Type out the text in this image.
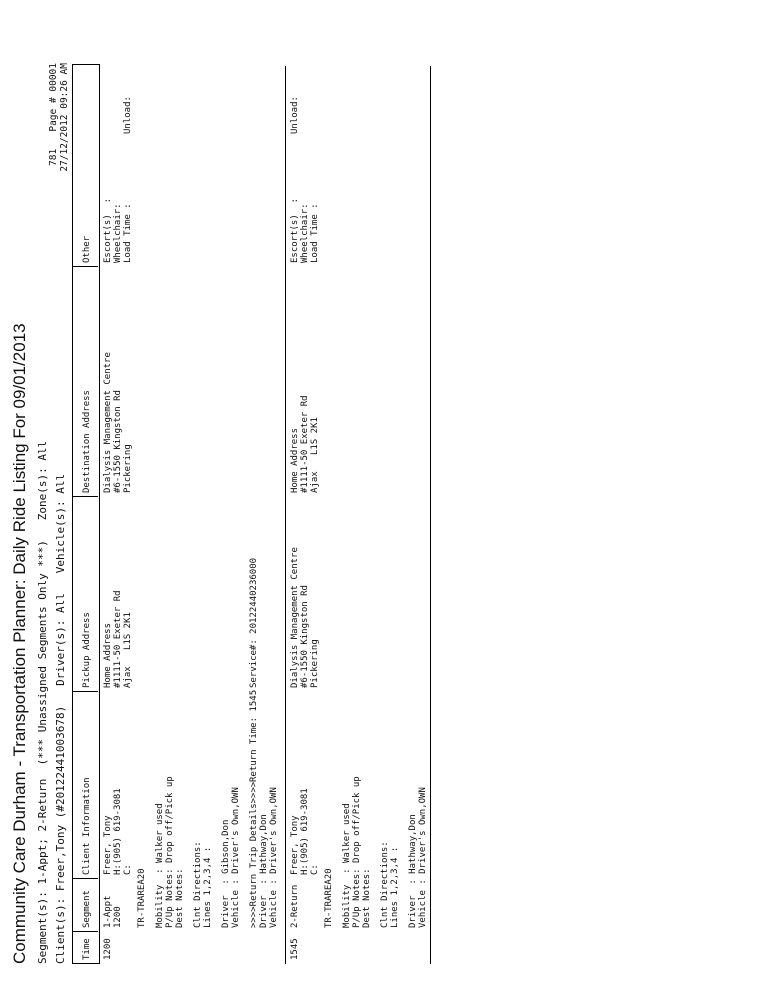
Community Care Durham - Transportation Planner: Daily Ride Listing For 09/01/2013 Segment(s): 1-Appt; 2-Return  (*** Unassigned Segments Only ***)   Zone(s): All Client(s): Freer,Tony (#20122441003678)   Driver(s): All   Vehicle(s): All
781   Page # 00001 27/12/2012 09:26 AM
Time
Segment
Client Information
Pickup Address
Destination Address
Other
1200
1-Appt 1200
Freer, Tony H:(905) 619-3081 C: TR-TRAREA20 Mobility  : Walker used P/Up Notes: Drop off/Pick up Dest Notes: Clnt Directions: Lines 1,2,3,4 : Driver  : Gibson,Don Vehicle : Driver's Own,OWN >>>>Return Trip Details>>>> Driver  : Hathway,Don Vehicle : Driver's Own,OWN
Return Time: 1545
Service#: 20122440236000
Home Address #1111-50 Exeter Rd Ajax   L1S 2K1
Dialysis Management Centre #6-1550 Kingston Rd Pickering
Escort(s)  : Wheelchair: Load Time :
Unload:
1545
2-Return
Freer, Tony H:(905) 619-3081 C: TR-TRAREA20 Mobility  : Walker used P/Up Notes: Drop off/Pick up Dest Notes: Clnt Directions: Lines 1,2,3,4 : Driver  : Hathway,Don Vehicle : Driver's Own,OWN
Dialysis Management Centre #6-1550 Kingston Rd Pickering
Home Address #1111-50 Exeter Rd Ajax   L1S 2K1
Escort(s)  : Wheelchair: Load Time :
Unload:
